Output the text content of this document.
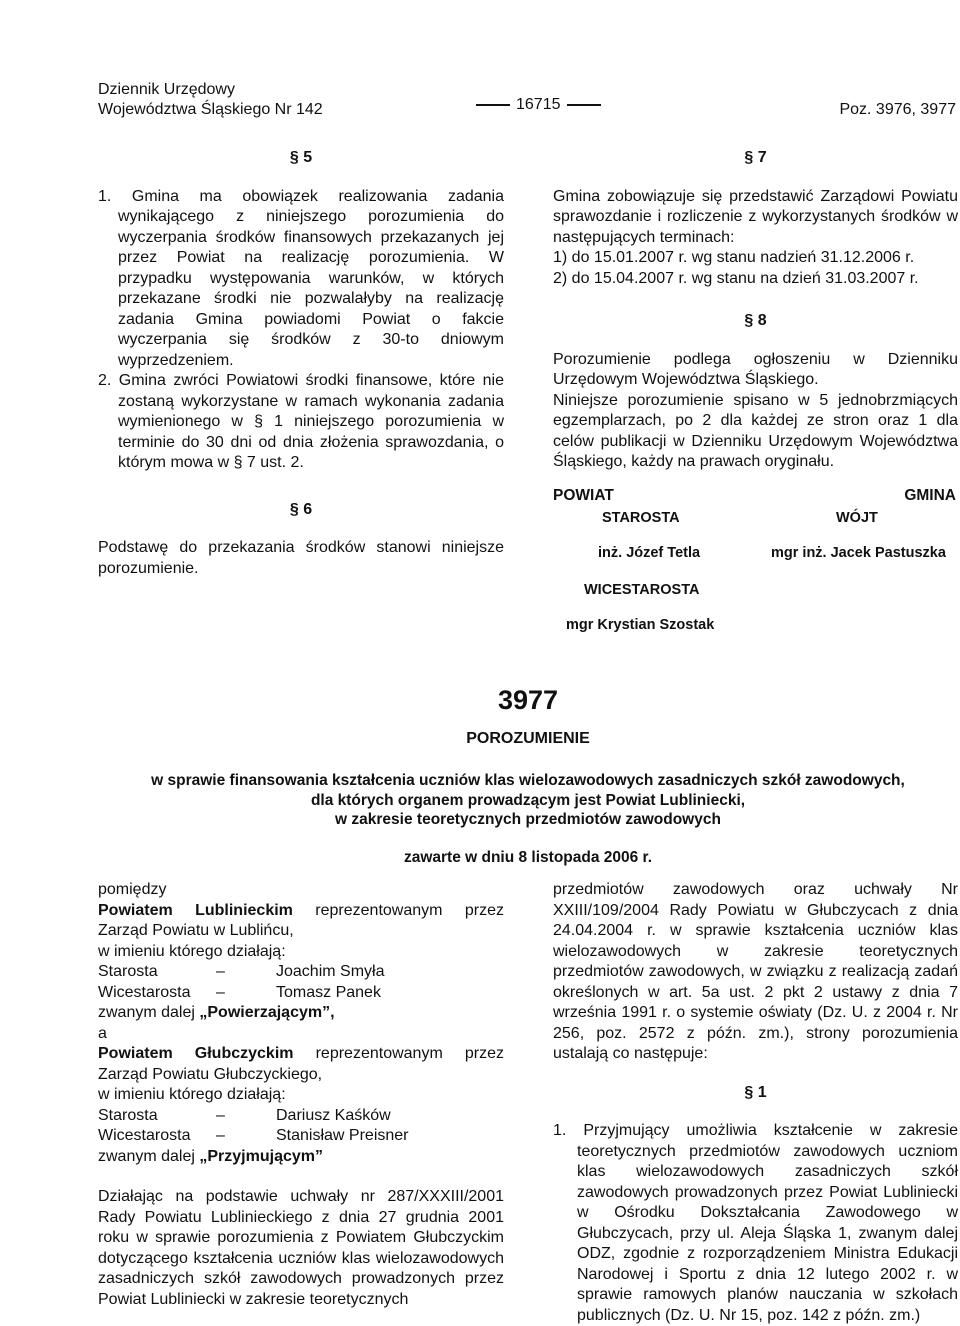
Dziennik Urzędowy
Województwa Śląskiego Nr 142	16715	Poz. 3976, 3977
§ 5

1. Gmina ma obowiązek realizowania zadania wynikającego z niniejszego porozumienia do wyczerpania środków finansowych przekazanych jej przez Powiat na realizację porozumienia. W przypadku występowania warunków, w których przekazane środki nie pozwalałyby na realizację zadania Gmina powiadomi Powiat o fakcie wyczerpania się środków z 30-to dniowym wyprzedzeniem.

2. Gmina zwróci Powiatowi środki finansowe, które nie zostaną wykorzystane w ramach wykonania zadania wymienionego w § 1 niniejszego porozumienia w terminie do 30 dni od dnia złożenia sprawozdania, o którym mowa w § 7 ust. 2.

§ 6

Podstawę do przekazania środków stanowi niniejsze porozumienie.

§ 7

Gmina zobowiązuje się przedstawić Zarządowi Powiatu sprawozdanie i rozliczenie z wykorzystanych środków w następujących terminach:

1) do 15.01.2007 r. wg stanu nadzień 31.12.2006 r.

2) do 15.04.2007 r. wg stanu na dzień 31.03.2007 r.

§ 8

Porozumienie podlega ogłoszeniu w Dzienniku Urzędowym Województwa Śląskiego.

Niniejsze porozumienie spisano w 5 jednobrzmiących egzemplarzach, po 2 dla każdej ze stron oraz 1 dla celów publikacji w Dzienniku Urzędowym Województwa Śląskiego, każdy na prawach oryginału.

POWIAT	GMINA
STAROSTA	WÓJT
inż. Józef Tetla	mgr inż. Jacek Pastuszka
WICESTAROSTA
mgr Krystian Szostak
3977
POROZUMIENIE
w sprawie finansowania kształcenia uczniów klas wielozawodowych zasadniczych szkół zawodowych,
dla których organem prowadzącym jest Powiat Lubliniecki,
w zakresie teoretycznych przedmiotów zawodowych
zawarte w dniu 8 listopada 2006 r.

pomiędzy

Powiatem Lublinieckim reprezentowanym przez Zarząd Powiatu w Lublińcu,

w imieniu którego działają:

Starosta	–	Joachim Smyła
Wicestarosta	–	Tomasz Panek

zwanym dalej „Powierzającym”,

a

Powiatem Głubczyckim reprezentowanym przez Zarząd Powiatu Głubczyckiego,

w imieniu którego działają:

Starosta	–	Dariusz Kaśków
Wicestarosta	–	Stanisław Preisner

zwanym dalej „Przyjmującym”

Działając na podstawie uchwały nr 287/XXXIII/2001 Rady Powiatu Lublinieckiego z dnia 27 grudnia 2001 roku w sprawie porozumienia z Powiatem Głubczyckim dotyczącego kształcenia uczniów klas wielozawodowych zasadniczych szkół zawodowych prowadzonych przez Powiat Lubliniecki w zakresie teoretycznych

przedmiotów zawodowych oraz uchwały Nr XXIII/109/2004 Rady Powiatu w Głubczycach z dnia 24.04.2004 r. w sprawie kształcenia uczniów klas wielozawodowych w zakresie teoretycznych przedmiotów zawodowych, w związku z realizacją zadań określonych w art. 5a ust. 2 pkt 2 ustawy z dnia 7 września 1991 r. o systemie oświaty (Dz. U. z 2004 r. Nr 256, poz. 2572 z późn. zm.), strony porozumienia ustalają co następuje:

§ 1

1. Przyjmujący umożliwia kształcenie w zakresie teoretycznych przedmiotów zawodowych uczniom klas wielozawodowych zasadniczych szkół zawodowych prowadzonych przez Powiat Lubliniecki w Ośrodku Dokształcania Zawodowego w Głubczycach, przy ul. Aleja Śląska 1, zwanym dalej ODZ, zgodnie z rozporządzeniem Ministra Edukacji Narodowej i Sportu z dnia 12 lutego 2002 r. w sprawie ramowych planów nauczania w szkołach publicznych (Dz. U. Nr 15, poz. 142 z późn. zm.)
